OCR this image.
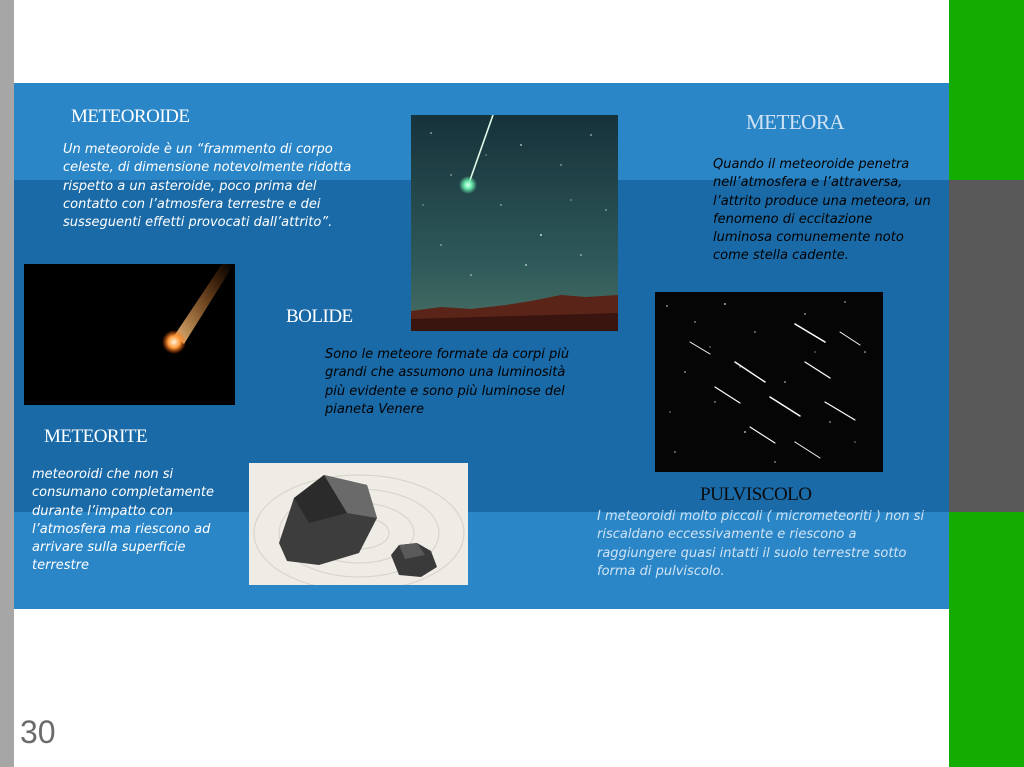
METEOROIDE

Un meteoroide è un “frammento di corpo celeste, di dimensione notevolmente ridotta rispetto a un asteroide, poco prima del contatto con l’atmosfera terrestre e dei susseguenti effetti provocati dall’attrito”.

METEORA

Quando il meteoroide penetra nell’atmosfera e l’attraversa, l’attrito produce una meteora, un fenomeno di eccitazione luminosa comunemente noto come stella cadente.

BOLIDE

Sono le meteore formate da corpi più grandi che assumono una luminosità più evidente e sono più luminose del pianeta Venere

METEORITE

meteoroidi che non si consumano completamente durante l’impatto con l’atmosfera ma riescono ad arrivare sulla superficie terrestre

PULVISCOLO

I meteoroidi molto piccoli ( micrometeoriti ) non si riscaldano eccessivamente e riescono a raggiungere quasi intatti il suolo terrestre sotto forma di pulviscolo.

30
